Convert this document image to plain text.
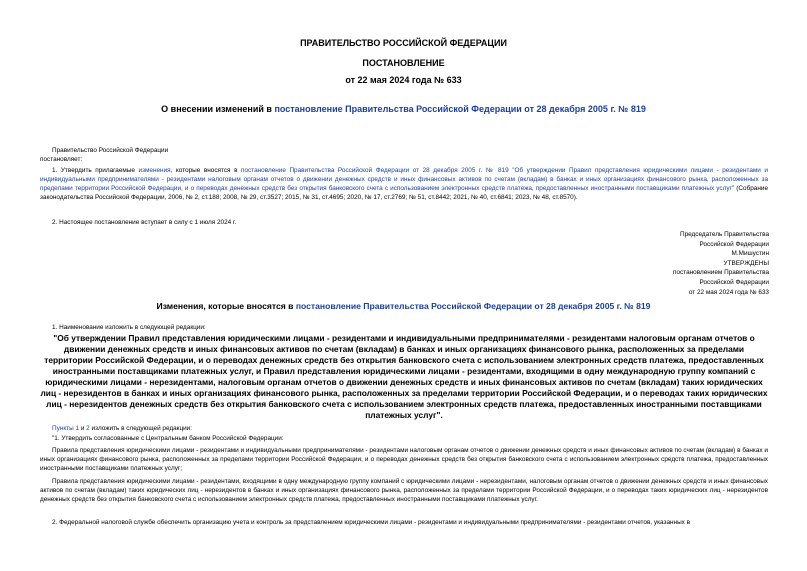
ПРАВИТЕЛЬСТВО РОССИЙСКОЙ ФЕДЕРАЦИИ
ПОСТАНОВЛЕНИЕ
от 22 мая 2024 года № 633
О внесении изменений в постановление Правительства Российской Федерации от 28 декабря 2005 г. № 819
Правительство Российской Федерации
постановляет:
1. Утвердить прилагаемые изменения, которые вносятся в постановление Правительства Российской Федерации от 28 декабря 2005 г. № 819 "Об утверждении Правил представления юридическими лицами - резидентами и индивидуальными предпринимателями - резидентами налоговым органам отчетов о движении денежных средств и иных финансовых активов по счетам (вкладам) в банках и иных организациях финансового рынка, расположенных за пределами территории Российской Федерации, и о переводах денежных средств без открытия банковского счета с использованием электронных средств платежа, предоставленных иностранными поставщиками платежных услуг" (Собрание законодательства Российской Федерации, 2006, № 2, ст.188; 2008, № 29, ст.3527; 2015, № 31, ст.4695; 2020, № 17, ст.2769; № 51, ст.8442; 2021, № 40, ст.6841; 2023, № 48, ст.8570).
2. Настоящее постановление вступает в силу с 1 июля 2024 г.
Председатель Правительства
Российской Федерации
М.Мишустин
УТВЕРЖДЕНЫ
постановлением Правительства
Российской Федерации
от 22 мая 2024 года № 633
Изменения, которые вносятся в постановление Правительства Российской Федерации от 28 декабря 2005 г. № 819
1. Наименование изложить в следующей редакции:
"Об утверждении Правил представления юридическими лицами - резидентами и индивидуальными предпринимателями - резидентами налоговым органам отчетов о движении денежных средств и иных финансовых активов по счетам (вкладам) в банках и иных организациях финансового рынка, расположенных за пределами территории Российской Федерации, и о переводах денежных средств без открытия банковского счета с использованием электронных средств платежа, предоставленных иностранными поставщиками платежных услуг, и Правил представления юридическими лицами - резидентами, входящими в одну международную группу компаний с юридическими лицами - нерезидентами, налоговым органам отчетов о движении денежных средств и иных финансовых активов по счетам (вкладам) таких юридических лиц - нерезидентов в банках и иных организациях финансового рынка, расположенных за пределами территории Российской Федерации, и о переводах таких юридических лиц - нерезидентов денежных средств без открытия банковского счета с использованием электронных средств платежа, предоставленных иностранными поставщиками платежных услуг".
Пункты 1 и 2 изложить в следующей редакции:
"1. Утвердить согласованные с Центральным банком Российской Федерации:
Правила представления юридическими лицами - резидентами и индивидуальными предпринимателями - резидентами налоговым органам отчетов о движении денежных средств и иных финансовых активов по счетам (вкладам) в банках и иных организациях финансового рынка, расположенных за пределами территории Российской Федерации, и о переводах денежных средств без открытия банковского счета с использованием электронных средств платежа, предоставленных иностранными поставщиками платежных услуг;
Правила представления юридическими лицами - резидентами, входящими в одну международную группу компаний с юридическими лицами - нерезидентами, налоговым органам отчетов о движении денежных средств и иных финансовых активов по счетам (вкладам) таких юридических лиц - нерезидентов в банках и иных организациях финансового рынка, расположенных за пределами территории Российской Федерации, и о переводах таких юридических лиц - нерезидентов денежных средств без открытия банковского счета с использованием электронных средств платежа, предоставленных иностранными поставщиками платежных услуг.
2. Федеральной налоговой службе обеспечить организацию учета и контроль за представлением юридическими лицами - резидентами и индивидуальными предпринимателями - резидентами отчетов, указанных в
